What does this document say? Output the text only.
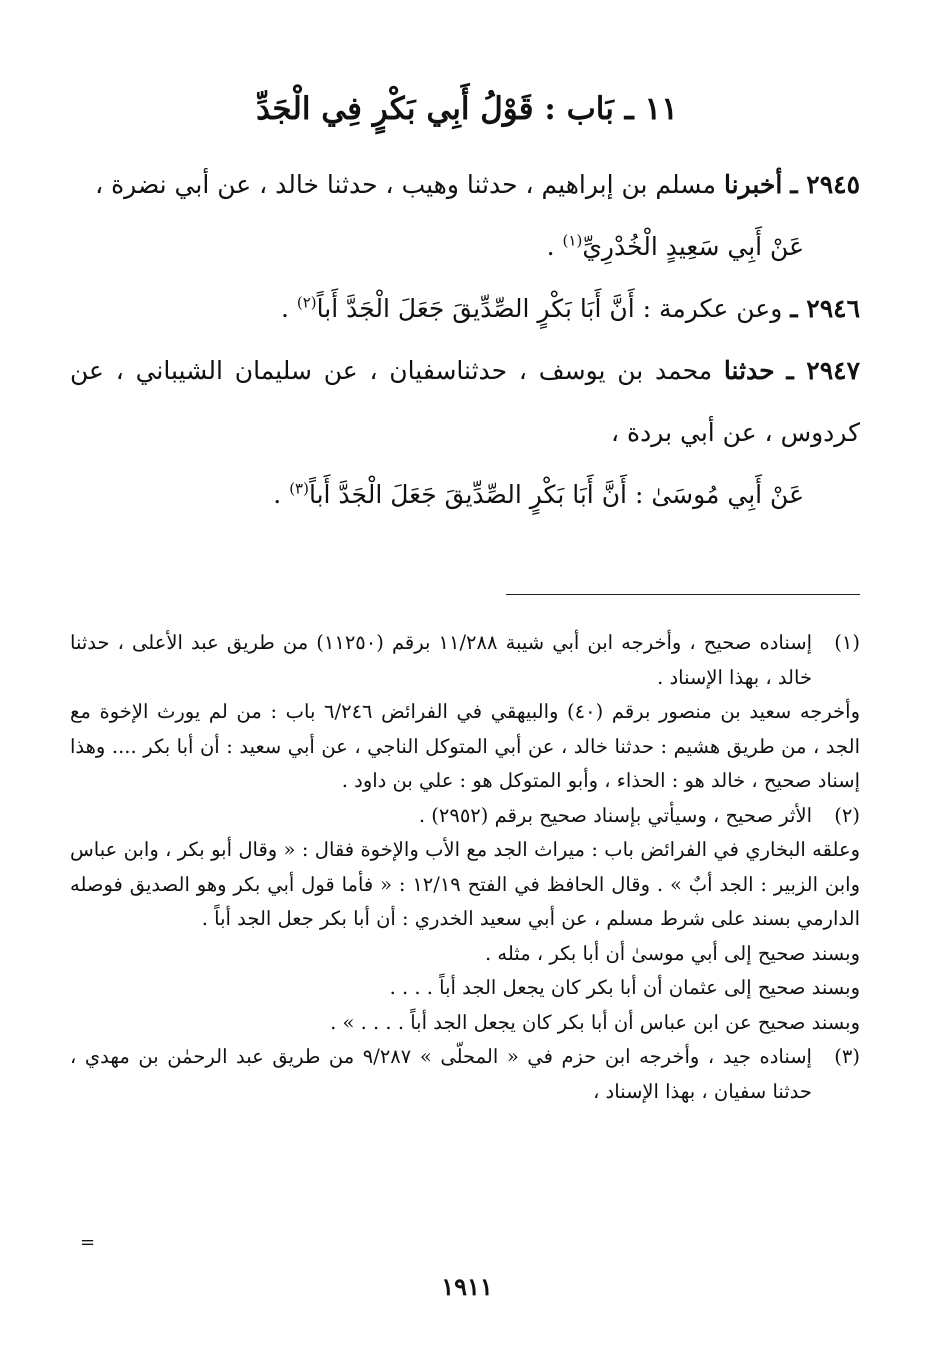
١١ ـ بَاب : قَوْلُ أَبِي بَكْرٍ فِي الْجَدِّ

٢٩٤٥ ـ أخبرنا مسلم بن إبراهيم ، حدثنا وهيب ، حدثنا خالد ، عن أبي نضرة ،

عَنْ أَبِي سَعِيدٍ الْخُدْرِيِّ$^{(١)}$ .

٢٩٤٦ ـ وعن عكرمة : أَنَّ أَبَا بَكْرٍ الصِّدِّيقَ جَعَلَ الْجَدَّ أَباً$^{(٢)}$ .

٢٩٤٧ ـ حدثنا محمد بن يوسف ، حدثناسفيان ، عن سليمان الشيباني ، عن كردوس ، عن أبي بردة ،

عَنْ أَبِي مُوسَىٰ : أَنَّ أَبَا بَكْرٍ الصِّدِّيقَ جَعَلَ الْجَدَّ أَباً$^{(٣)}$ .

(١)

إسناده صحيح ، وأخرجه ابن أبي شيبة ١١/٢٨٨ برقم (١١٢٥٠) من طريق عبد الأعلى ، حدثنا خالد ، بهذا الإسناد .

وأخرجه سعيد بن منصور برقم (٤٠) والبيهقي في الفرائض ٦/٢٤٦ باب : من لم يورث الإخوة مع الجد ، من طريق هشيم : حدثنا خالد ، عن أبي المتوكل الناجي ، عن أبي سعيد : أن أبا بكر .... وهذا إسناد صحيح ، خالد هو : الحذاء ، وأبو المتوكل هو : علي بن داود .

(٢)

الأثر صحيح ، وسيأتي بإسناد صحيح برقم (٢٩٥٢) .

وعلقه البخاري في الفرائض باب : ميراث الجد مع الأب والإخوة فقال : « وقال أبو بكر ، وابن عباس وابن الزبير : الجد أبٌ » . وقال الحافظ في الفتح ١٢/١٩ : « فأما قول أبي بكر وهو الصديق فوصله الدارمي بسند على شرط مسلم ، عن أبي سعيد الخدري : أن أبا بكر جعل الجد أباً .

وبسند صحيح إلى أبي موسىٰ أن أبا بكر ، مثله .

وبسند صحيح إلى عثمان أن أبا بكر كان يجعل الجد أباً . . . .

وبسند صحيح عن ابن عباس أن أبا بكر كان يجعل الجد أباً . . . . » .

(٣)

إسناده جيد ، وأخرجه ابن حزم في « المحلّى » ٩/٢٨٧ من طريق عبد الرحمٰن بن مهدي ، حدثنا سفيان ، بهذا الإسناد ،

=
١٩١١
